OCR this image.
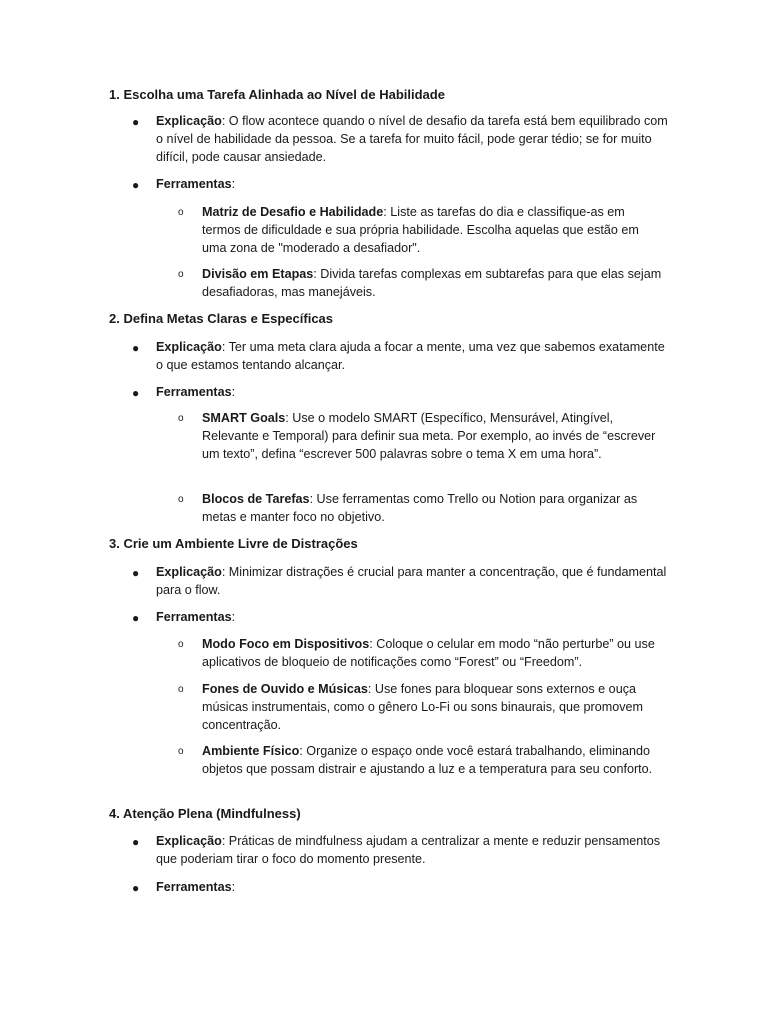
1. Escolha uma Tarefa Alinhada ao Nível de Habilidade
● Explicação: O flow acontece quando o nível de desafio da tarefa está bem equilibrado com o nível de habilidade da pessoa. Se a tarefa for muito fácil, pode gerar tédio; se for muito difícil, pode causar ansiedade.
● Ferramentas:
o Matriz de Desafio e Habilidade: Liste as tarefas do dia e classifique-as em termos de dificuldade e sua própria habilidade. Escolha aquelas que estão em uma zona de "moderado a desafiador".
o Divisão em Etapas: Divida tarefas complexas em subtarefas para que elas sejam desafiadoras, mas manejáveis.
2. Defina Metas Claras e Específicas
● Explicação: Ter uma meta clara ajuda a focar a mente, uma vez que sabemos exatamente o que estamos tentando alcançar.
● Ferramentas:
o SMART Goals: Use o modelo SMART (Específico, Mensurável, Atingível, Relevante e Temporal) para definir sua meta. Por exemplo, ao invés de “escrever um texto”, defina “escrever 500 palavras sobre o tema X em uma hora”.
o Blocos de Tarefas: Use ferramentas como Trello ou Notion para organizar as metas e manter foco no objetivo.
3. Crie um Ambiente Livre de Distrações
● Explicação: Minimizar distrações é crucial para manter a concentração, que é fundamental para o flow.
● Ferramentas:
o Modo Foco em Dispositivos: Coloque o celular em modo “não perturbe” ou use aplicativos de bloqueio de notificações como “Forest” ou “Freedom”.
o Fones de Ouvido e Músicas: Use fones para bloquear sons externos e ouça músicas instrumentais, como o gênero Lo-Fi ou sons binaurais, que promovem concentração.
o Ambiente Físico: Organize o espaço onde você estará trabalhando, eliminando objetos que possam distrair e ajustando a luz e a temperatura para seu conforto.
4. Atenção Plena (Mindfulness)
● Explicação: Práticas de mindfulness ajudam a centralizar a mente e reduzir pensamentos que poderiam tirar o foco do momento presente.
● Ferramentas:
